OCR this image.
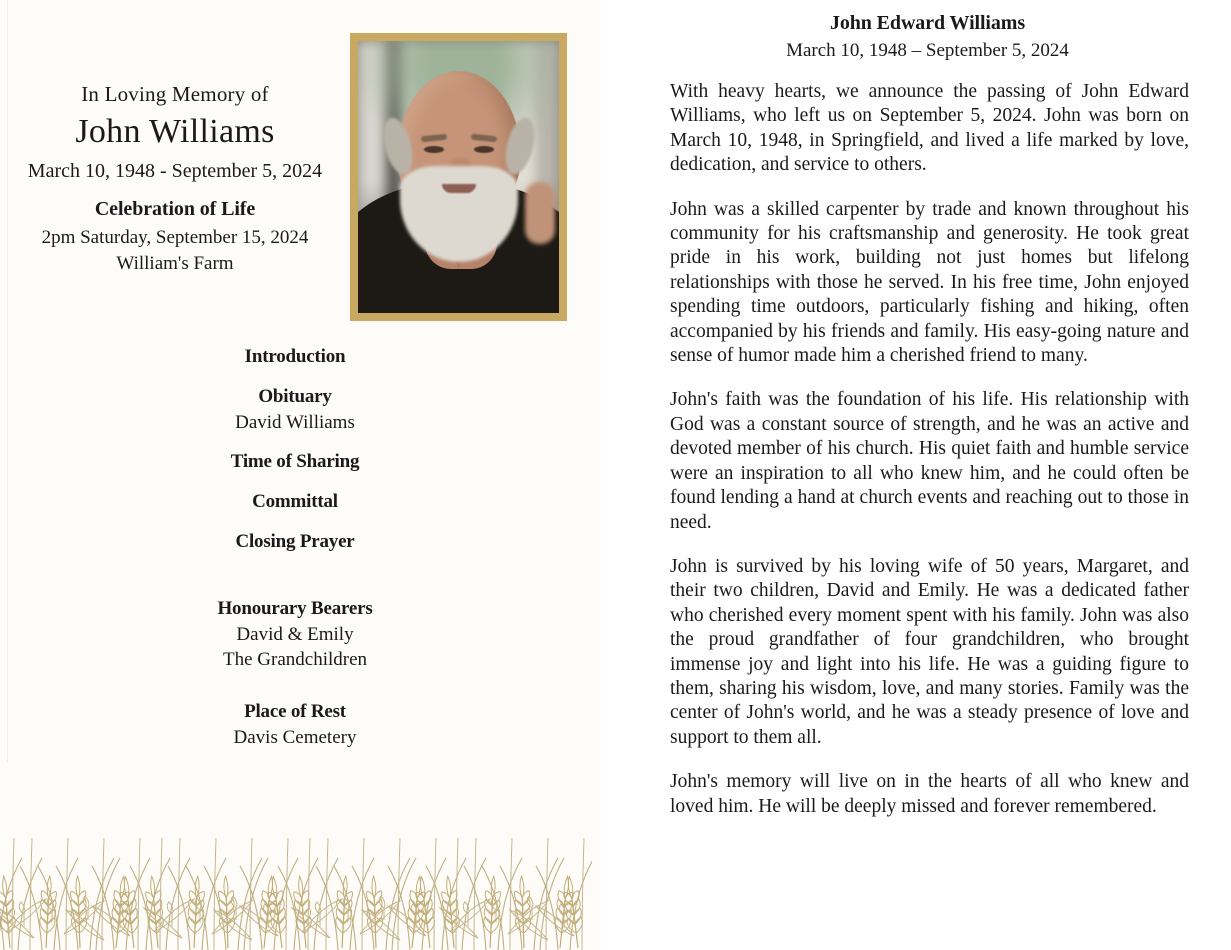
In Loving Memory of
John Williams
March 10, 1948 - September 5, 2024
Celebration of Life
2pm Saturday, September 15, 2024
William's Farm
Introduction
Obituary
David Williams
Time of Sharing
Committal
Closing Prayer
Honourary Bearers
David & Emily
The Grandchildren
Place of Rest
Davis Cemetery
John Edward Williams
March 10, 1948 – September 5, 2024

With heavy hearts, we announce the passing of John Edward Williams, who left us on September 5, 2024. John was born on March 10, 1948, in Springfield, and lived a life marked by love, dedication, and service to others.

John was a skilled carpenter by trade and known throughout his community for his craftsmanship and generosity. He took great pride in his work, building not just homes but lifelong relationships with those he served. In his free time, John enjoyed spending time outdoors, particularly fishing and hiking, often accompanied by his friends and family. His easy-going nature and sense of humor made him a cherished friend to many.

John's faith was the foundation of his life. His relationship with God was a constant source of strength, and he was an active and devoted member of his church. His quiet faith and humble service were an inspiration to all who knew him, and he could often be found lending a hand at church events and reaching out to those in need.

John is survived by his loving wife of 50 years, Margaret, and their two children, David and Emily. He was a dedicated father who cherished every moment spent with his family. John was also the proud grandfather of four grandchildren, who brought immense joy and light into his life. He was a guiding figure to them, sharing his wisdom, love, and many stories. Family was the center of John's world, and he was a steady presence of love and support to them all.

John's memory will live on in the hearts of all who knew and loved him. He will be deeply missed and forever remembered.
